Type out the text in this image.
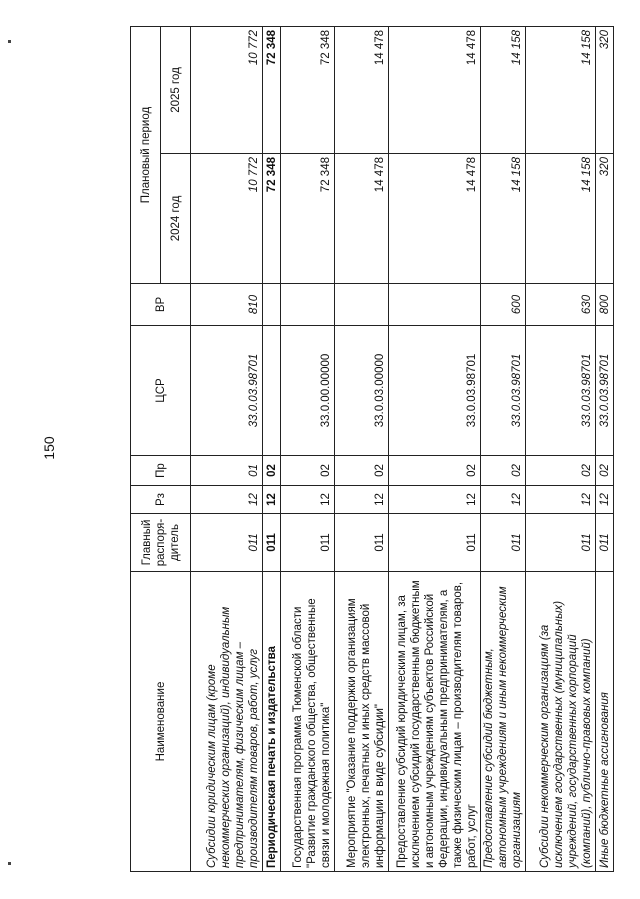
150
Наименование	Главный распоря-дитель	Рз	Пр	ЦСР	ВР	Плановый период	
						2024 год	2025 год
Субсидии юридическим лицам (кроме некоммерческих организаций), индивидуальным предпринимателям, физическим лицам – производителям товаров, работ, услуг	011	12	01	33.0.03.98701	810	10 772	10 772
Периодическая печать и издательства	011	12	02			72 348	72 348
Государственная программа Тюменской области "Развитие гражданского общества, общественные связи и молодежная политика"	011	12	02	33.0.00.00000		72 348	72 348
Мероприятие "Оказание поддержки организациям электронных, печатных и иных средств массовой информации в виде субсидии"	011	12	02	33.0.03.00000		14 478	14 478
Предоставление субсидий юридическим лицам, за исключением субсидий государственным бюджетным и автономным учреждениям субъектов Российской Федерации, индивидуальным предпринимателям, а также физическим лицам – производителям товаров, работ, услуг	011	12	02	33.0.03.98701		14 478	14 478
Предоставление субсидий бюджетным, автономным учреждениям и иным некоммерческим организациям	011	12	02	33.0.03.98701	600	14 158	14 158
Субсидии некоммерческим организациям (за исключением государственных (муниципальных) учреждений, государственных корпораций (компаний), публично-правовых компаний)	011	12	02	33.0.03.98701	630	14 158	14 158
Иные бюджетные ассигнования	011	12	02	33.0.03.98701	800	320	320
